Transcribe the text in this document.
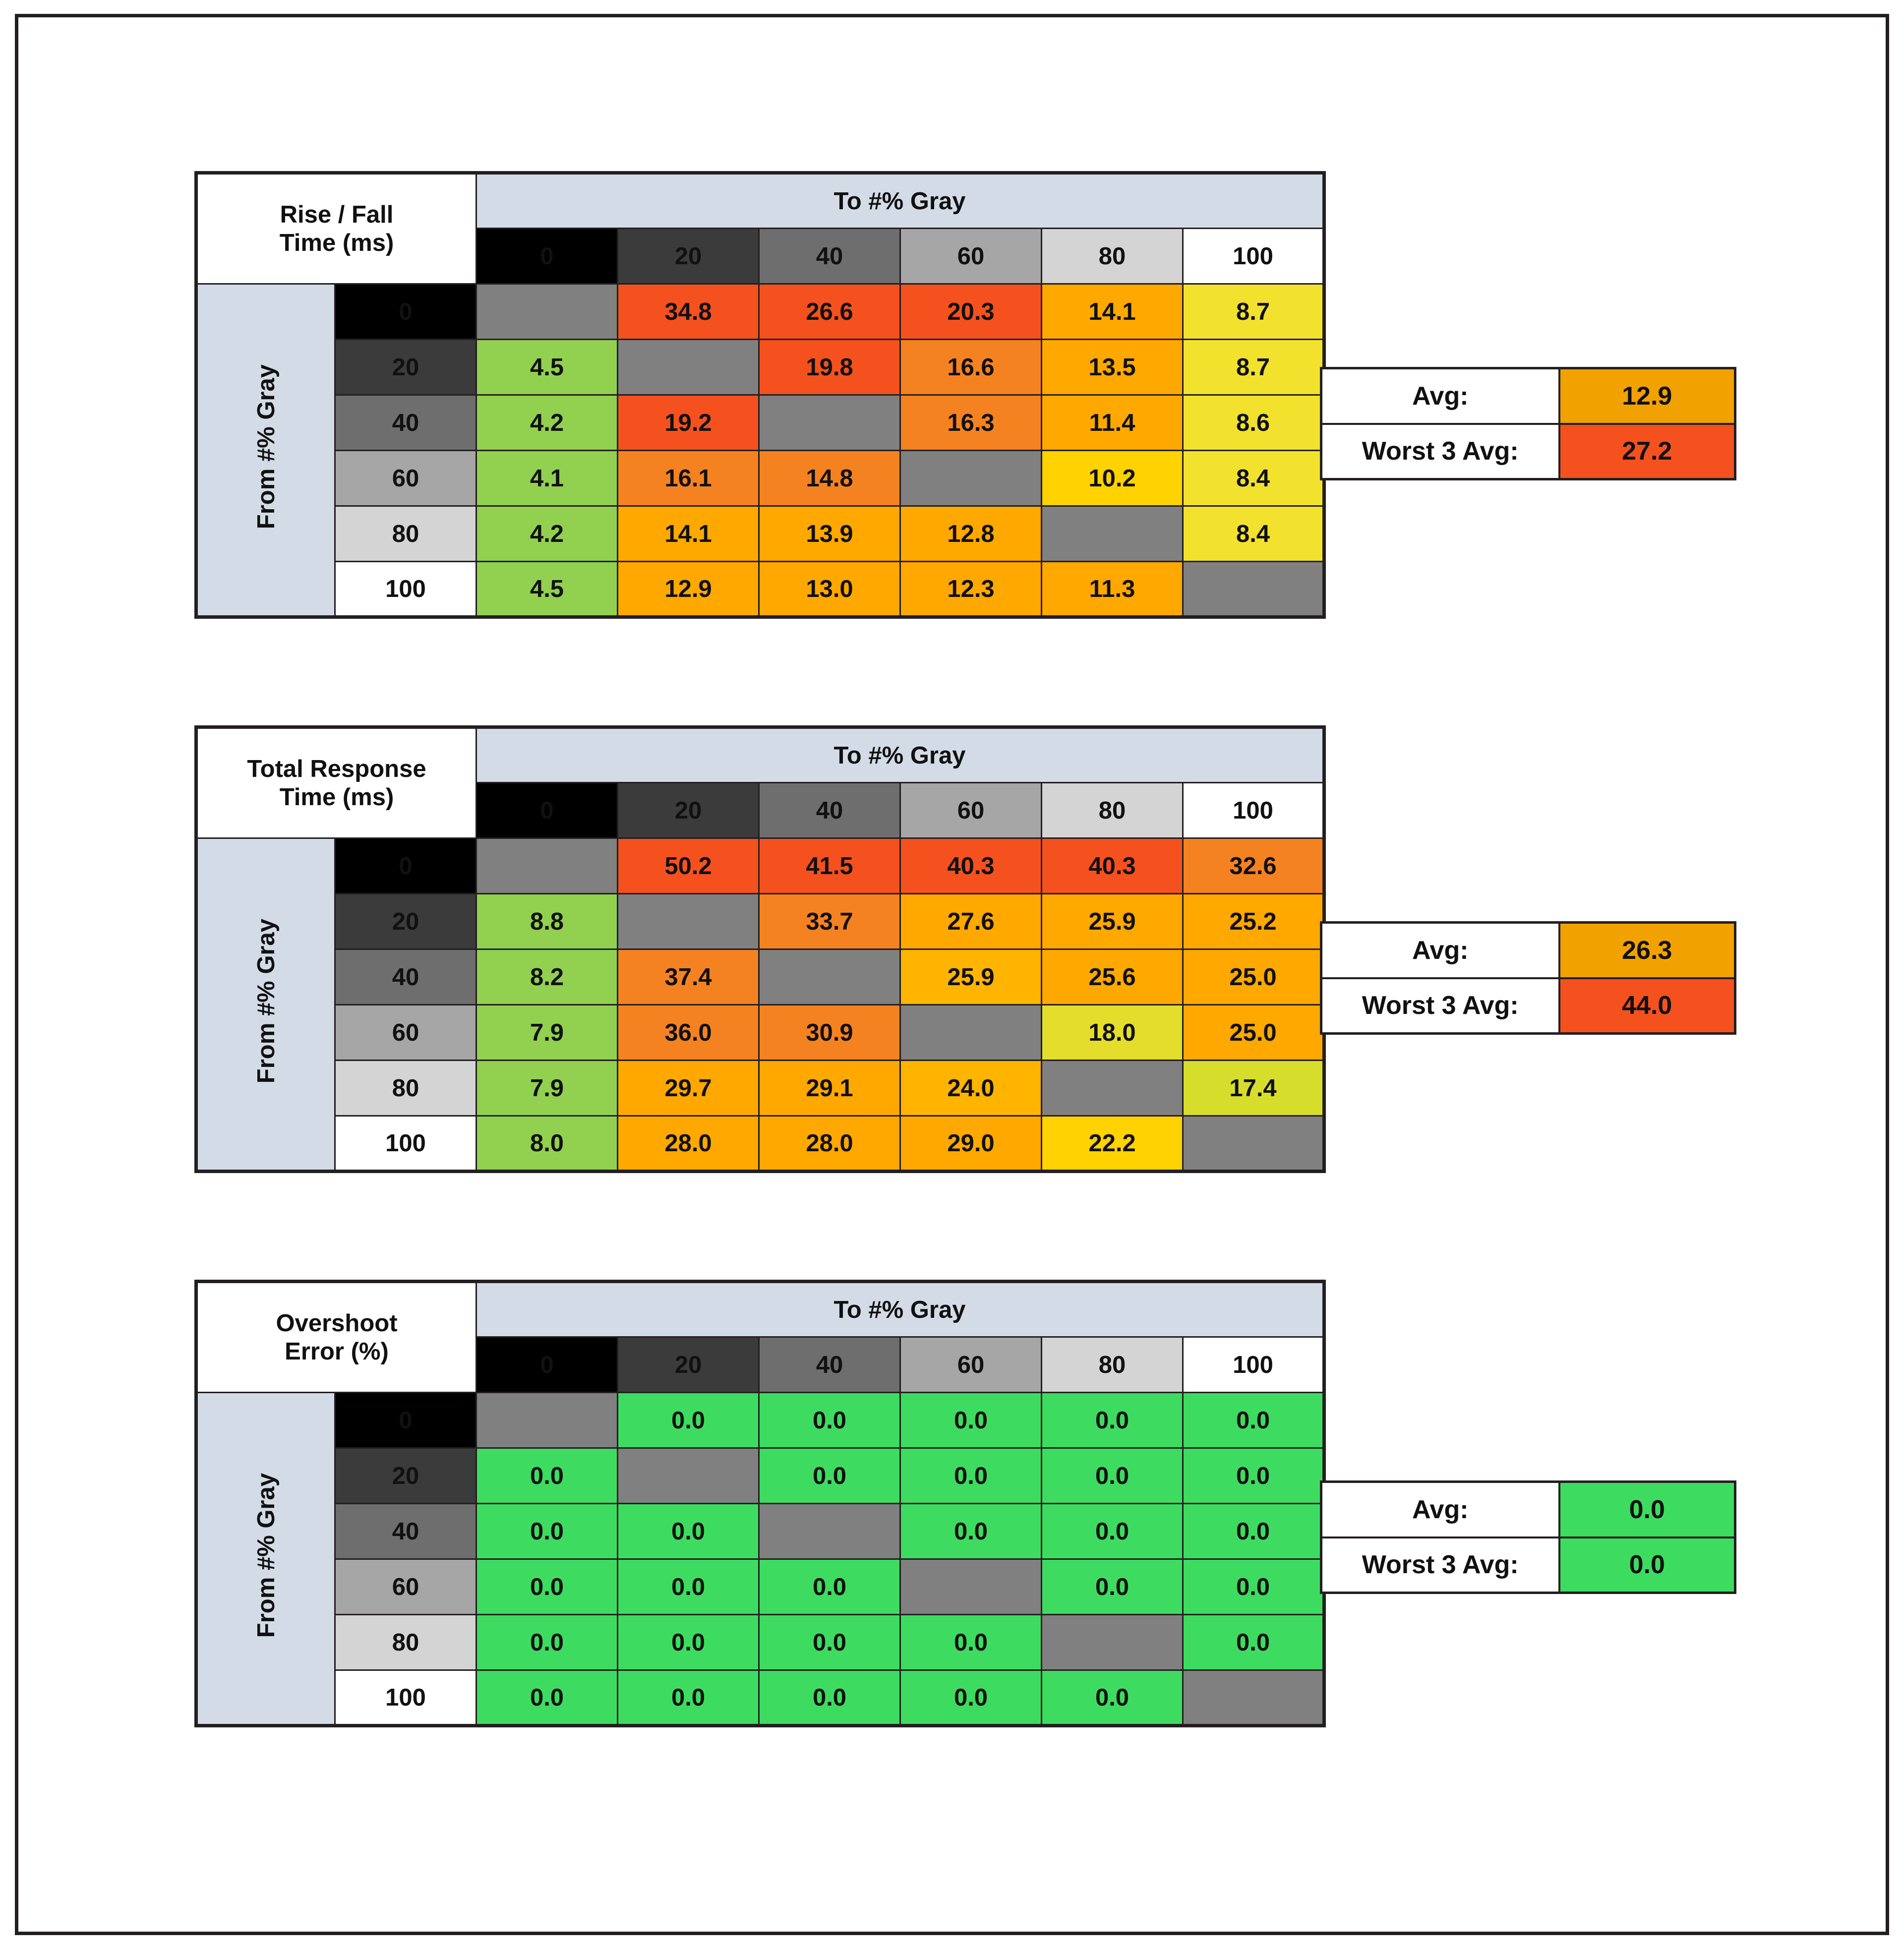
Rise / Fall
Time (ms)		To #% Gray					
		0	20	40	60	80	100
From #% Gray	0		34.8	26.6	20.3	14.1	8.7
	20	4.5		19.8	16.6	13.5	8.7
	40	4.2	19.2		16.3	11.4	8.6
	60	4.1	16.1	14.8		10.2	8.4
	80	4.2	14.1	13.9	12.8		8.4
	100	4.5	12.9	13.0	12.3	11.3	
Avg:	12.9
Worst 3 Avg:	27.2
Total Response
Time (ms)		To #% Gray					
		0	20	40	60	80	100
From #% Gray	0		50.2	41.5	40.3	40.3	32.6
	20	8.8		33.7	27.6	25.9	25.2
	40	8.2	37.4		25.9	25.6	25.0
	60	7.9	36.0	30.9		18.0	25.0
	80	7.9	29.7	29.1	24.0		17.4
	100	8.0	28.0	28.0	29.0	22.2	
Avg:	26.3
Worst 3 Avg:	44.0
Overshoot
Error (%)		To #% Gray					
		0	20	40	60	80	100
From #% Gray	0		0.0	0.0	0.0	0.0	0.0
	20	0.0		0.0	0.0	0.0	0.0
	40	0.0	0.0		0.0	0.0	0.0
	60	0.0	0.0	0.0		0.0	0.0
	80	0.0	0.0	0.0	0.0		0.0
	100	0.0	0.0	0.0	0.0	0.0	
Avg:	0.0
Worst 3 Avg:	0.0
